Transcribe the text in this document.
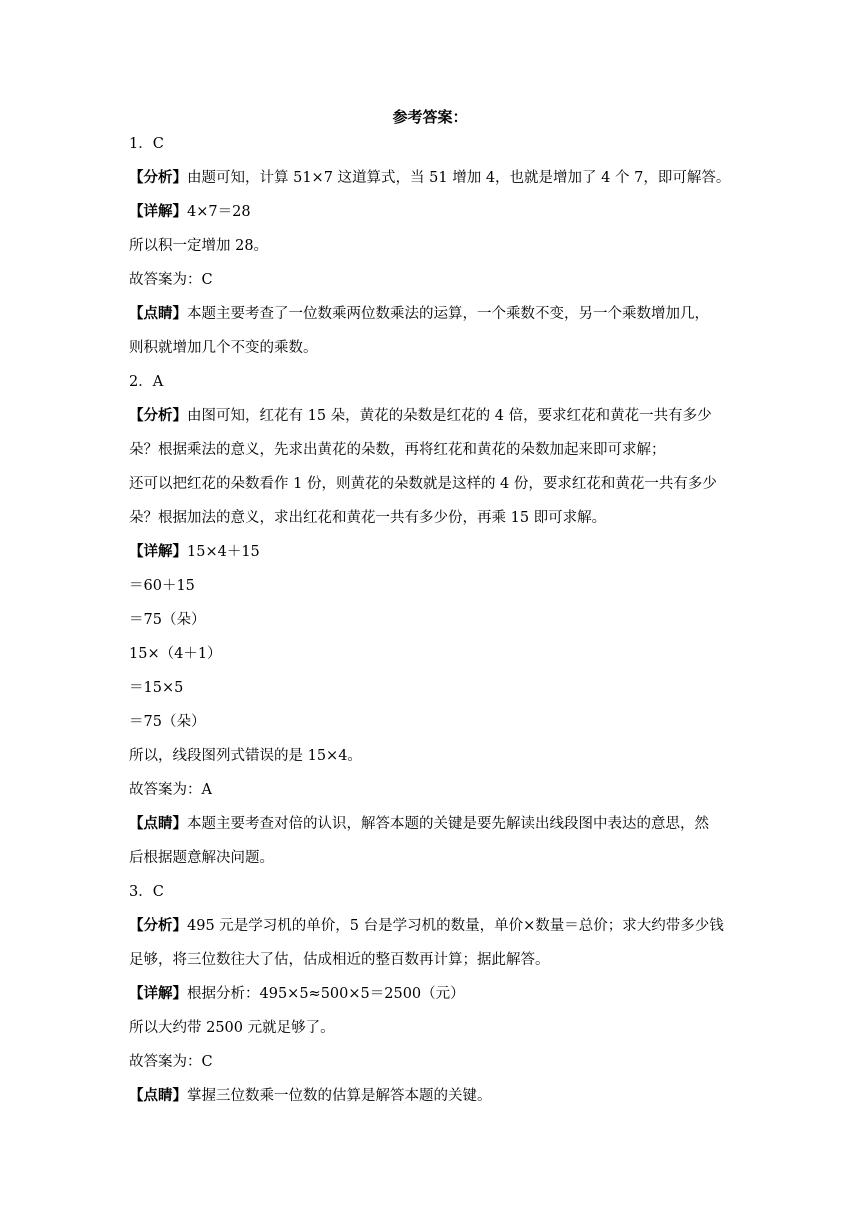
参考答案：
1．C
【分析】由题可知，计算 51×7 这道算式，当 51 增加 4，也就是增加了 4 个 7，即可解答。
【详解】4×7＝28
所以积一定增加 28。
故答案为：C
【点睛】本题主要考查了一位数乘两位数乘法的运算，一个乘数不变，另一个乘数增加几，
则积就增加几个不变的乘数。
2．A
【分析】由图可知，红花有 15 朵，黄花的朵数是红花的 4 倍，要求红花和黄花一共有多少
朵？根据乘法的意义，先求出黄花的朵数，再将红花和黄花的朵数加起来即可求解；
还可以把红花的朵数看作 1 份，则黄花的朵数就是这样的 4 份，要求红花和黄花一共有多少
朵？根据加法的意义，求出红花和黄花一共有多少份，再乘 15 即可求解。
【详解】15×4＋15
＝60＋15
＝75（朵）
15×（4＋1）
＝15×5
＝75（朵）
所以，线段图列式错误的是 15×4。
故答案为：A
【点睛】本题主要考查对倍的认识，解答本题的关键是要先解读出线段图中表达的意思，然
后根据题意解决问题。
3．C
【分析】495 元是学习机的单价，5 台是学习机的数量，单价×数量＝总价；求大约带多少钱
足够，将三位数往大了估，估成相近的整百数再计算；据此解答。
【详解】根据分析：495×5≈500×5＝2500（元）
所以大约带 2500 元就足够了。
故答案为：C
【点睛】掌握三位数乘一位数的估算是解答本题的关键。
